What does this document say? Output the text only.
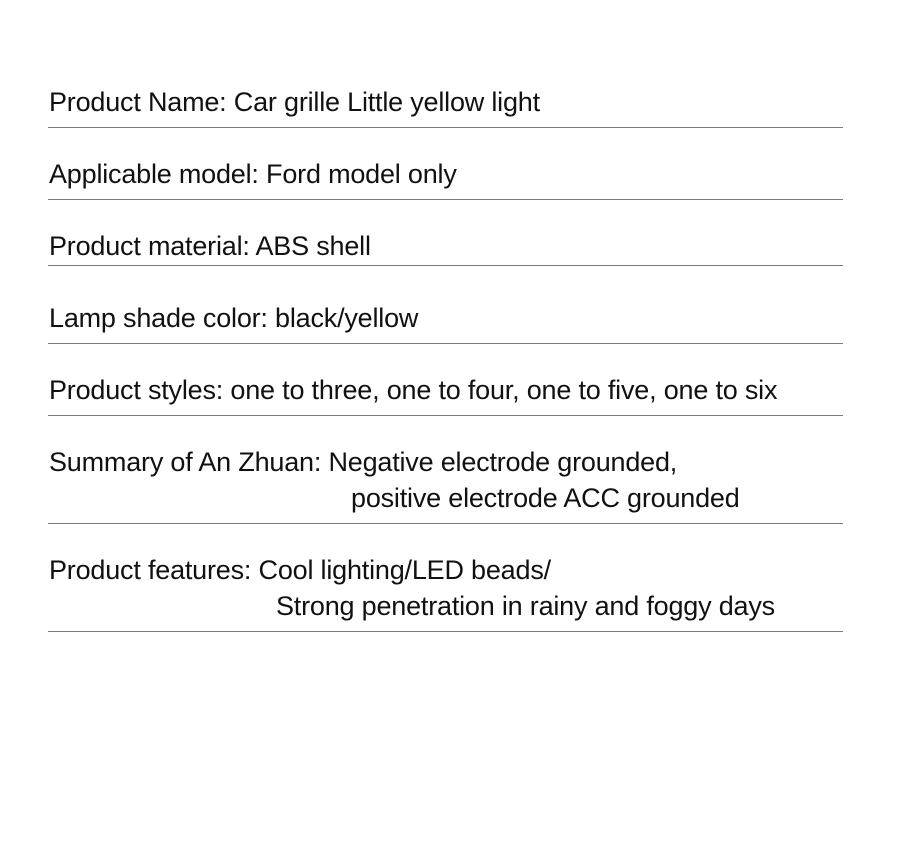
Product Name: Car grille Little yellow light
Applicable model: Ford model only
Product material: ABS shell
Lamp shade color: black/yellow
Product styles: one to three, one to four, one to five, one to six
Summary of An Zhuan: Negative electrode grounded,
positive electrode ACC grounded
Product features: Cool lighting/LED beads/
Strong penetration in rainy and foggy days
